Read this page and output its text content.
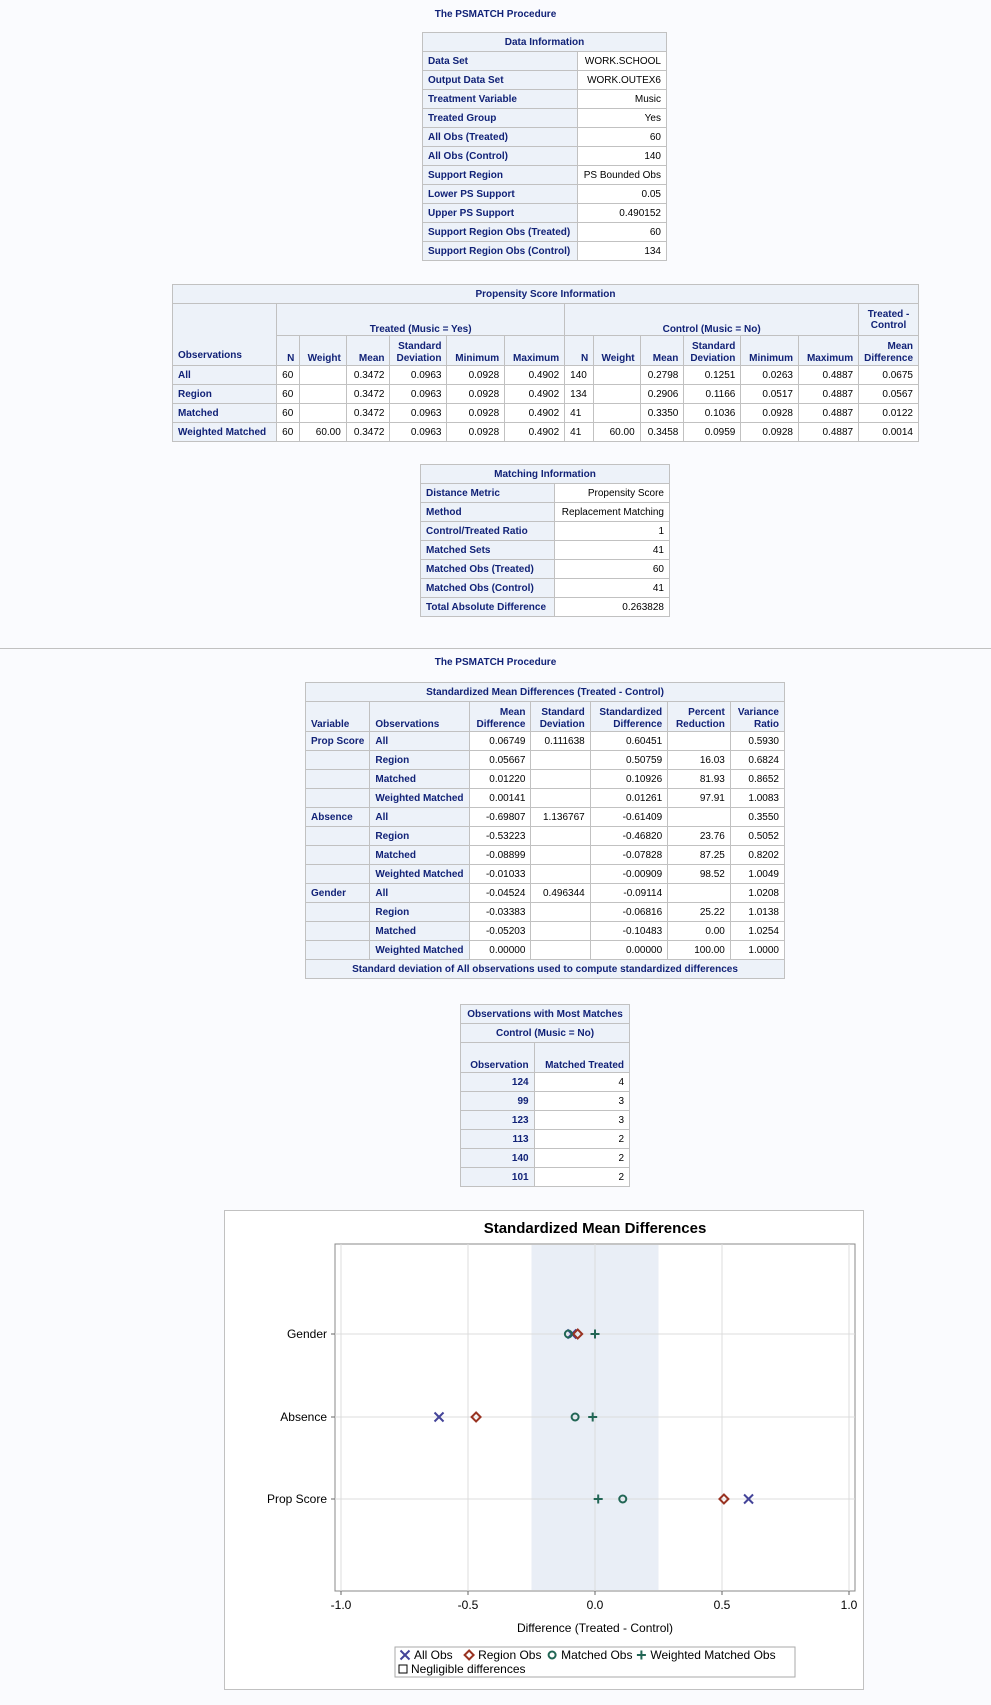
The PSMATCH Procedure
Data Information	
Data Set	WORK.SCHOOL
Output Data Set	WORK.OUTEX6
Treatment Variable	Music
Treated Group	Yes
All Obs (Treated)	60
All Obs (Control)	140
Support Region	PS Bounded Obs
Lower PS Support	0.05
Upper PS Support	0.490152
Support Region Obs (Treated)	60
Support Region Obs (Control)	134
Propensity Score Information													
Observations	Treated (Music = Yes)						Control (Music = No)						Treated - Control
	N	Weight	Mean	Standard Deviation	Minimum	Maximum	N	Weight	Mean	Standard Deviation	Minimum	Maximum	Mean Difference
All	60		0.3472	0.0963	0.0928	0.4902	140		0.2798	0.1251	0.0263	0.4887	0.0675
Region	60		0.3472	0.0963	0.0928	0.4902	134		0.2906	0.1166	0.0517	0.4887	0.0567
Matched	60		0.3472	0.0963	0.0928	0.4902	41		0.3350	0.1036	0.0928	0.4887	0.0122
Weighted Matched	60	60.00	0.3472	0.0963	0.0928	0.4902	41	60.00	0.3458	0.0959	0.0928	0.4887	0.0014
Matching Information	
Distance Metric	Propensity Score
Method	Replacement Matching
Control/Treated Ratio	1
Matched Sets	41
Matched Obs (Treated)	60
Matched Obs (Control)	41
Total Absolute Difference	0.263828
The PSMATCH Procedure
Standardized Mean Differences (Treated - Control)						
Variable	Observations	Mean Difference	Standard Deviation	Standardized Difference	Percent Reduction	Variance Ratio
Prop Score	All	0.06749	0.111638	0.60451		0.5930
	Region	0.05667		0.50759	16.03	0.6824
	Matched	0.01220		0.10926	81.93	0.8652
	Weighted Matched	0.00141		0.01261	97.91	1.0083
Absence	All	-0.69807	1.136767	-0.61409		0.3550
	Region	-0.53223		-0.46820	23.76	0.5052
	Matched	-0.08899		-0.07828	87.25	0.8202
	Weighted Matched	-0.01033		-0.00909	98.52	1.0049
Gender	All	-0.04524	0.496344	-0.09114		1.0208
	Region	-0.03383		-0.06816	25.22	1.0138
	Matched	-0.05203		-0.10483	0.00	1.0254
	Weighted Matched	0.00000		0.00000	100.00	1.0000
Standard deviation of All observations used to compute standardized differences						
Observations with Most Matches	
Control (Music = No)	
Observation	Matched Treated
124	4
99	3
123	3
113	2
140	2
101	2
Standardized Mean Differences
Gender
Absence
Prop Score
-1.0	-0.5	0.0	0.5	1.0
Difference (Treated - Control)
All Obs Region Obs Matched Obs Weighted Matched Obs
Negligible differences
